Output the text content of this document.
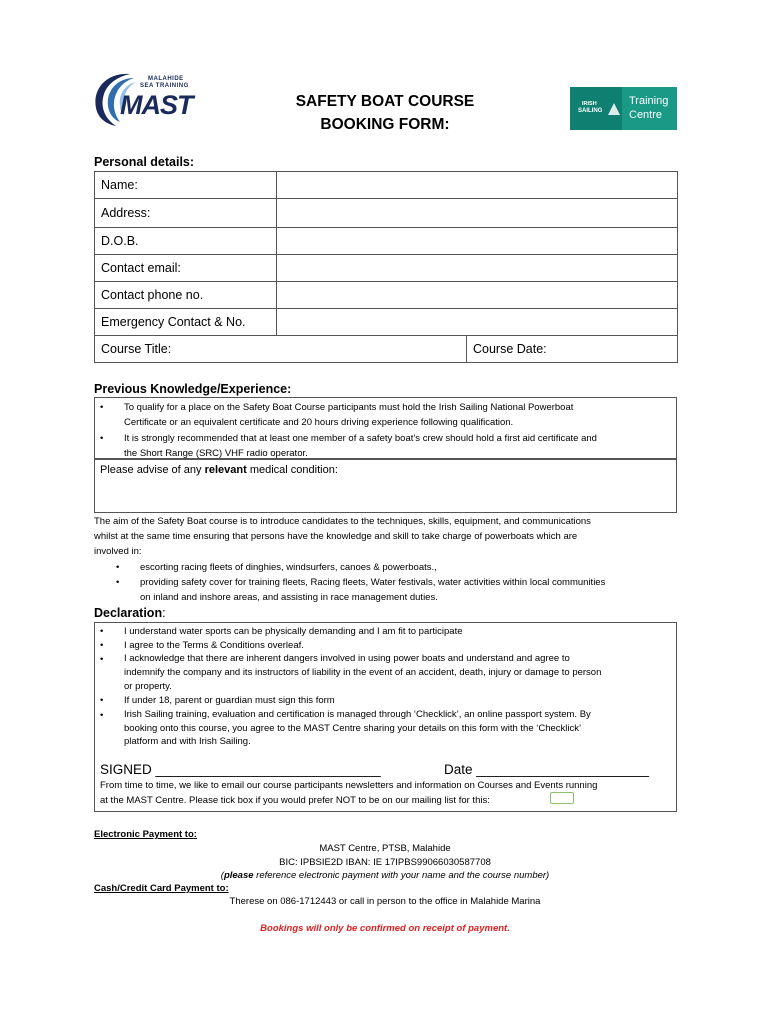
MALAHIDE
SEA TRAINING
MAST	SAFETY BOAT COURSE
BOOKING FORM:
IRISH
SAILING
Training
Centre
Personal details:
Name:		
Address:		
D.O.B.		
Contact email:		
Contact phone no.		
Emergency Contact & No.		
Course Title:		Course Date:
Previous Knowledge/Experience:
• To qualify for a place on the Safety Boat Course participants must hold the Irish Sailing National Powerboat
Certificate or an equivalent certificate and 20 hours driving experience following qualification.
• It is strongly recommended that at least one member of a safety boat’s crew should hold a first aid certificate and
the Short Range (SRC) VHF radio operator.
Please advise of any relevant medical condition:
The aim of the Safety Boat course is to introduce candidates to the techniques, skills, equipment, and communications
whilst at the same time ensuring that persons have the knowledge and skill to take charge of powerboats which are
involved in:
• escorting racing fleets of dinghies, windsurfers, canoes & powerboats.,
• providing safety cover for training fleets, Racing fleets, Water festivals, water activities within local communities
on inland and inshore areas, and assisting in race management duties.
Declaration:
• I understand water sports can be physically demanding and I am fit to participate
• I agree to the Terms & Conditions overleaf.
• I acknowledge that there are inherent dangers involved in using power boats and understand and agree to
indemnify the company and its instructors of liability in the event of an accident, death, injury or damage to person
or property.
• If under 18, parent or guardian must sign this form
• Irish Sailing training, evaluation and certification is managed through ‘Checklick’, an online passport system. By
booking onto this course, you agree to the MAST Centre sharing your details on this form with the ‘Checklick’
platform and with Irish Sailing.
SIGNED ______________________________	Date _______________________
From time to time, we like to email our course participants newsletters and information on Courses and Events running
at the MAST Centre. Please tick box if you would prefer NOT to be on our mailing list for this:
Electronic Payment to:
MAST Centre, PTSB, Malahide
BIC: IPBSIE2D IBAN: IE 17IPBS99066030587708
(please reference electronic payment with your name and the course number)
Cash/Credit Card Payment to:
Therese on 086-1712443 or call in person to the office in Malahide Marina
Bookings will only be confirmed on receipt of payment.
